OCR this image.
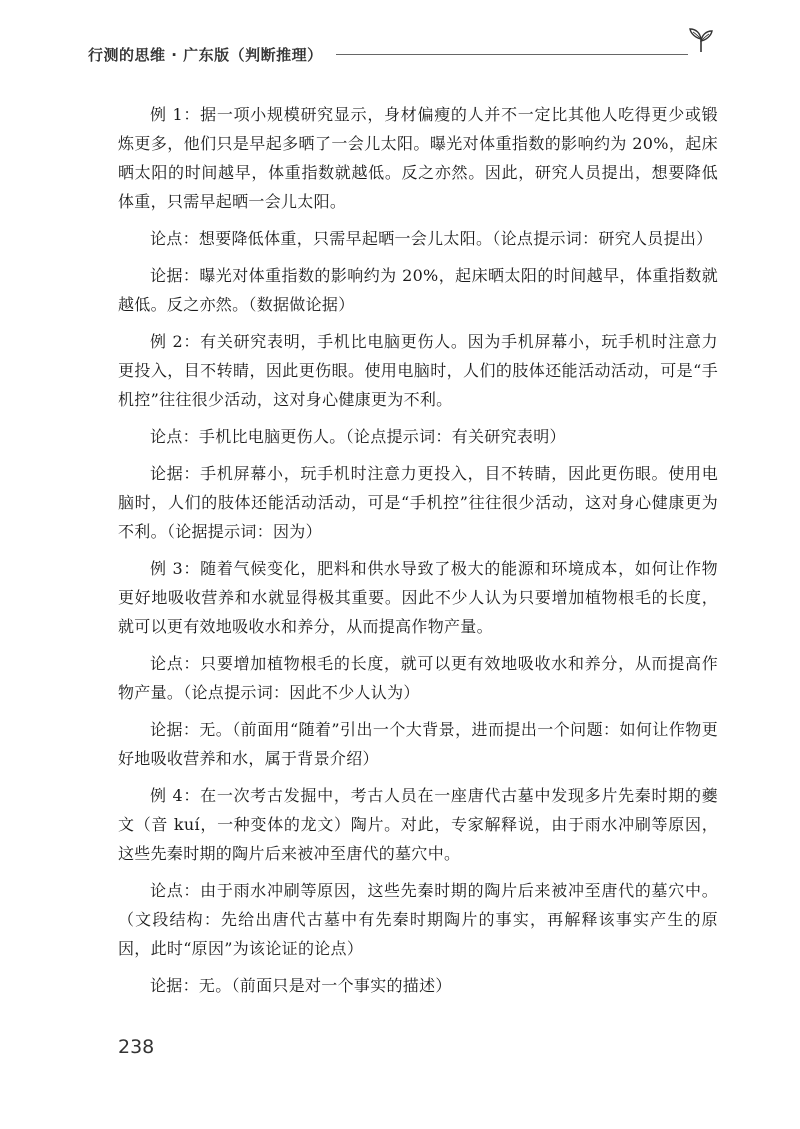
行测的思维 · 广东版（判断推理）

例 1：据一项小规模研究显示，身材偏瘦的人并不一定比其他人吃得更少或锻炼更多，他们只是早起多晒了一会儿太阳。曝光对体重指数的影响约为 20%，起床晒太阳的时间越早，体重指数就越低。反之亦然。因此，研究人员提出，想要降低体重，只需早起晒一会儿太阳。

论点：想要降低体重，只需早起晒一会儿太阳。（论点提示词：研究人员提出）

论据：曝光对体重指数的影响约为 20%，起床晒太阳的时间越早，体重指数就越低。反之亦然。（数据做论据）

例 2：有关研究表明，手机比电脑更伤人。因为手机屏幕小，玩手机时注意力更投入，目不转睛，因此更伤眼。使用电脑时，人们的肢体还能活动活动，可是“手机控”往往很少活动，这对身心健康更为不利。

论点：手机比电脑更伤人。（论点提示词：有关研究表明）

论据：手机屏幕小，玩手机时注意力更投入，目不转睛，因此更伤眼。使用电脑时，人们的肢体还能活动活动，可是“手机控”往往很少活动，这对身心健康更为不利。（论据提示词：因为）

例 3：随着气候变化，肥料和供水导致了极大的能源和环境成本，如何让作物更好地吸收营养和水就显得极其重要。因此不少人认为只要增加植物根毛的长度，就可以更有效地吸收水和养分，从而提高作物产量。

论点：只要增加植物根毛的长度，就可以更有效地吸收水和养分，从而提高作物产量。（论点提示词：因此不少人认为）

论据：无。（前面用“随着”引出一个大背景，进而提出一个问题：如何让作物更好地吸收营养和水，属于背景介绍）

例 4：在一次考古发掘中，考古人员在一座唐代古墓中发现多片先秦时期的夔文（音 kuí，一种变体的龙文）陶片。对此，专家解释说，由于雨水冲刷等原因，这些先秦时期的陶片后来被冲至唐代的墓穴中。

论点：由于雨水冲刷等原因，这些先秦时期的陶片后来被冲至唐代的墓穴中。（文段结构：先给出唐代古墓中有先秦时期陶片的事实，再解释该事实产生的原因，此时“原因”为该论证的论点）

论据：无。（前面只是对一个事实的描述）

238
